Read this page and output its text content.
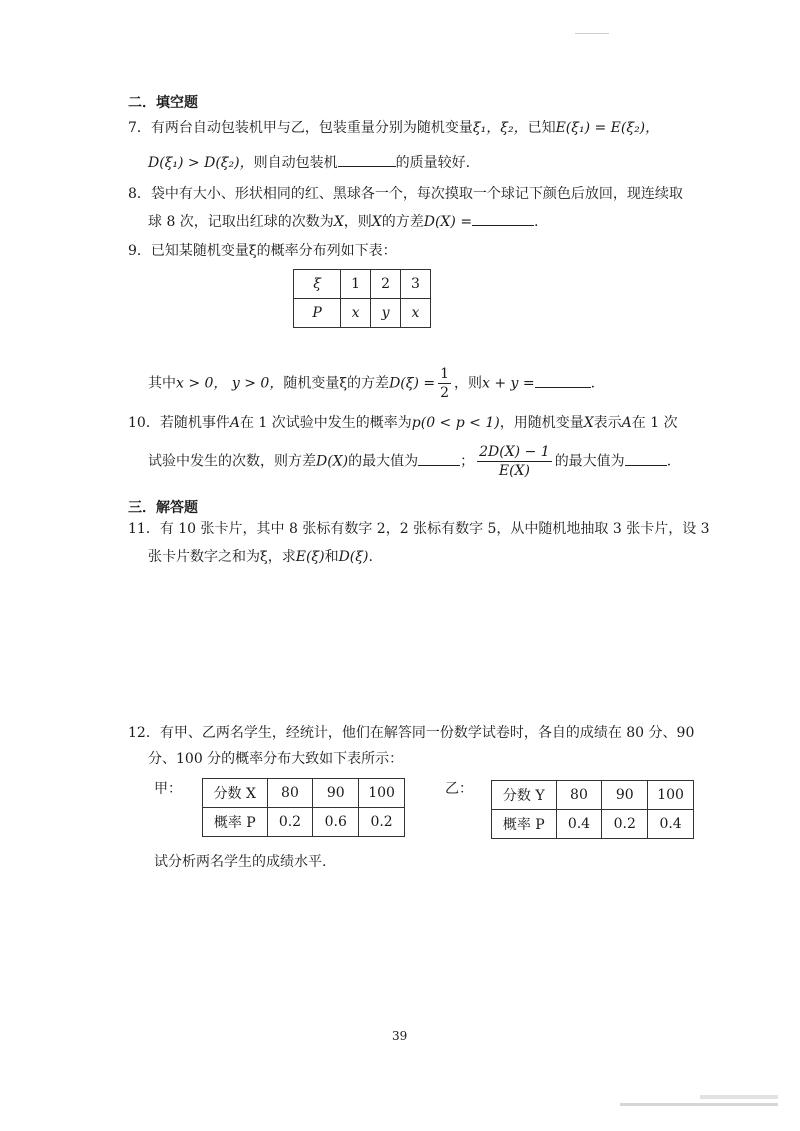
二．填空题
7．有两台自动包装机甲与乙，包装重量分别为随机变量ξ₁，ξ₂，已知E(ξ₁) = E(ξ₂)，
D(ξ₁) > D(ξ₂)，则自动包装机	的质量较好.
8．袋中有大小、形状相同的红、黑球各一个，每次摸取一个球记下颜色后放回，现连续取
球 8 次，记取出红球的次数为X，则X的方差D(X) =	.
9．已知某随机变量ξ的概率分布列如下表：
ξ	1	2	3
P	x	y	x
其中x > 0， y > 0，随机变量ξ的方差$D(\xi) = \frac{1}{2}$ ，则x + y =	.
10．若随机事件A在 1 次试验中发生的概率为p(0 < p < 1)，用随机变量X表示A在 1 次
试验中发生的次数，则方差D(X)的最大值为	； $\frac{2D(X) - 1}{E(X)}$ 的最大值为	.
三．解答题
11．有 10 张卡片，其中 8 张标有数字 2，2 张标有数字 5，从中随机地抽取 3 张卡片，设 3
张卡片数字之和为ξ，求E(ξ)和D(ξ).
12．有甲、乙两名学生，经统计，他们在解答同一份数学试卷时，各自的成绩在 80 分、90
分、100 分的概率分布大致如下表所示：
甲： 分数 X	80	90	100
概率 P	0.2	0.6	0.2
乙： 分数 Y	80	90	100
概率 P	0.4	0.2	0.4
试分析两名学生的成绩水平.
39
